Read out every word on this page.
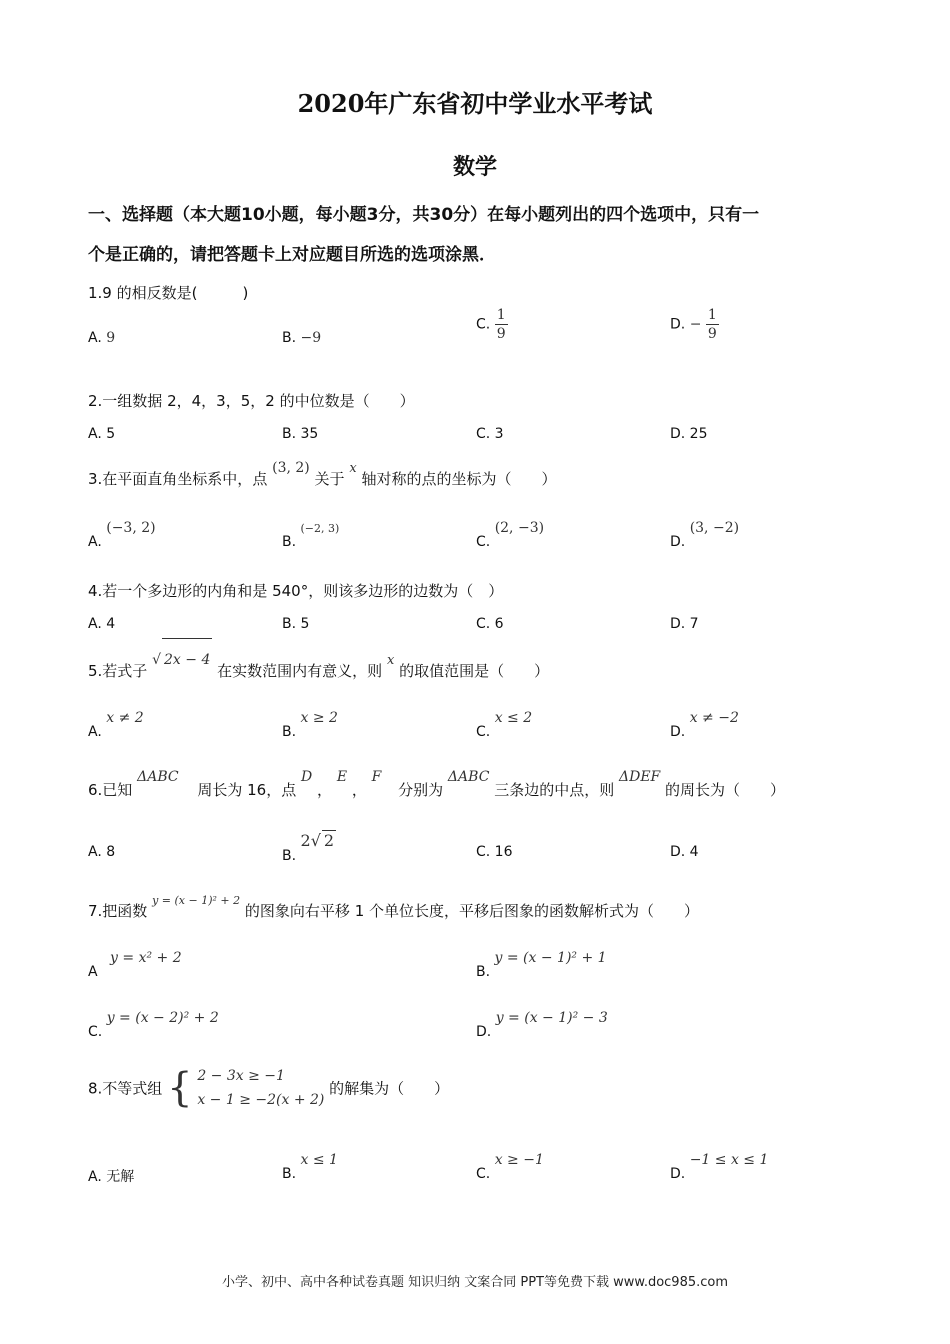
2020年广东省初中学业水平考试
数学
一、选择题（本大题10小题，每小题3分，共30分）在每小题列出的四个选项中，只有一
个是正确的，请把答题卡上对应题目所选的选项涂黑．
1.9 的相反数是(　　　)
A. 9	B. −9
C. $\frac{1}{9}$	D. − $\frac{1}{9}$
2.一组数据 2，4，3，5，2 的中位数是（　　）
A. 5	B. 35	C. 3	D. 25
3.在平面直角坐标系中，点 (3, 2) 关于 x 轴对称的点的坐标为（　　）
A. (−3, 2)
B. (−2, 3)
C. (2, −3)
D. (3, −2)
4.若一个多边形的内角和是 540°，则该多边形的边数为（　）
A. 4	B. 5	C. 6	D. 7
5.若式子 √ 2x − 4 在实数范围内有意义，则 x 的取值范围是（　　）
A. x ≠ 2
B. x ≥ 2
C. x ≤ 2
D. x ≠ −2
6.已知 ΔABC 周长为 16，点 D ， E ， F 分别为 ΔABC 三条边的中点，则 ΔDEF 的周长为（　　）
A. 8	B. 2√ 2
C. 16	D. 4
7.把函数 $^{y = (x - 1)^2 + 2}$ 的图象向右平移 1 个单位长度，平移后图象的函数解析式为（　　）
A y = x² + 2
B. y = (x − 1)² + 1
C. y = (x − 2)² + 2
D. y = (x − 1)² − 3
8.不等式组 { 2 − 3x ≥ −1
x − 1 ≥ −2(x + 2)
的解集为（　　）
A. 无解	B. x ≤ 1
C. x ≥ −1
D. −1 ≤ x ≤ 1
小学、初中、高中各种试卷真题 知识归纳 文案合同 PPT等免费下载 www.doc985.com
